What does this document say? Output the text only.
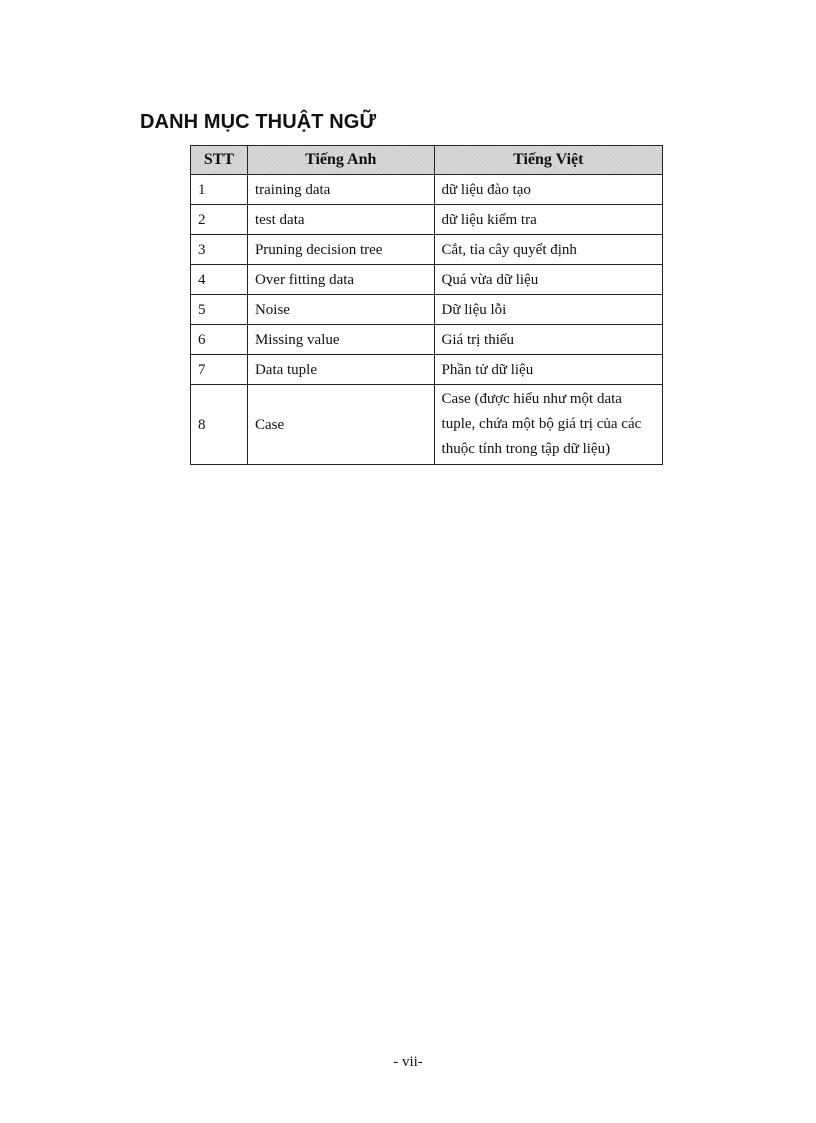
DANH MỤC THUẬT NGỮ
STT	Tiếng Anh	Tiếng Việt
1	training data	dữ liệu đào tạo
2	test data	dữ liệu kiểm tra
3	Pruning decision tree	Cắt, tỉa cây quyết định
4	Over fitting data	Quá vừa dữ liệu
5	Noise	Dữ liệu lỗi
6	Missing value	Giá trị thiếu
7	Data tuple	Phần tử dữ liệu
8	Case	Case (được hiểu như một data tuple, chứa một bộ giá trị của các thuộc tính trong tập dữ liệu)
- vii-
